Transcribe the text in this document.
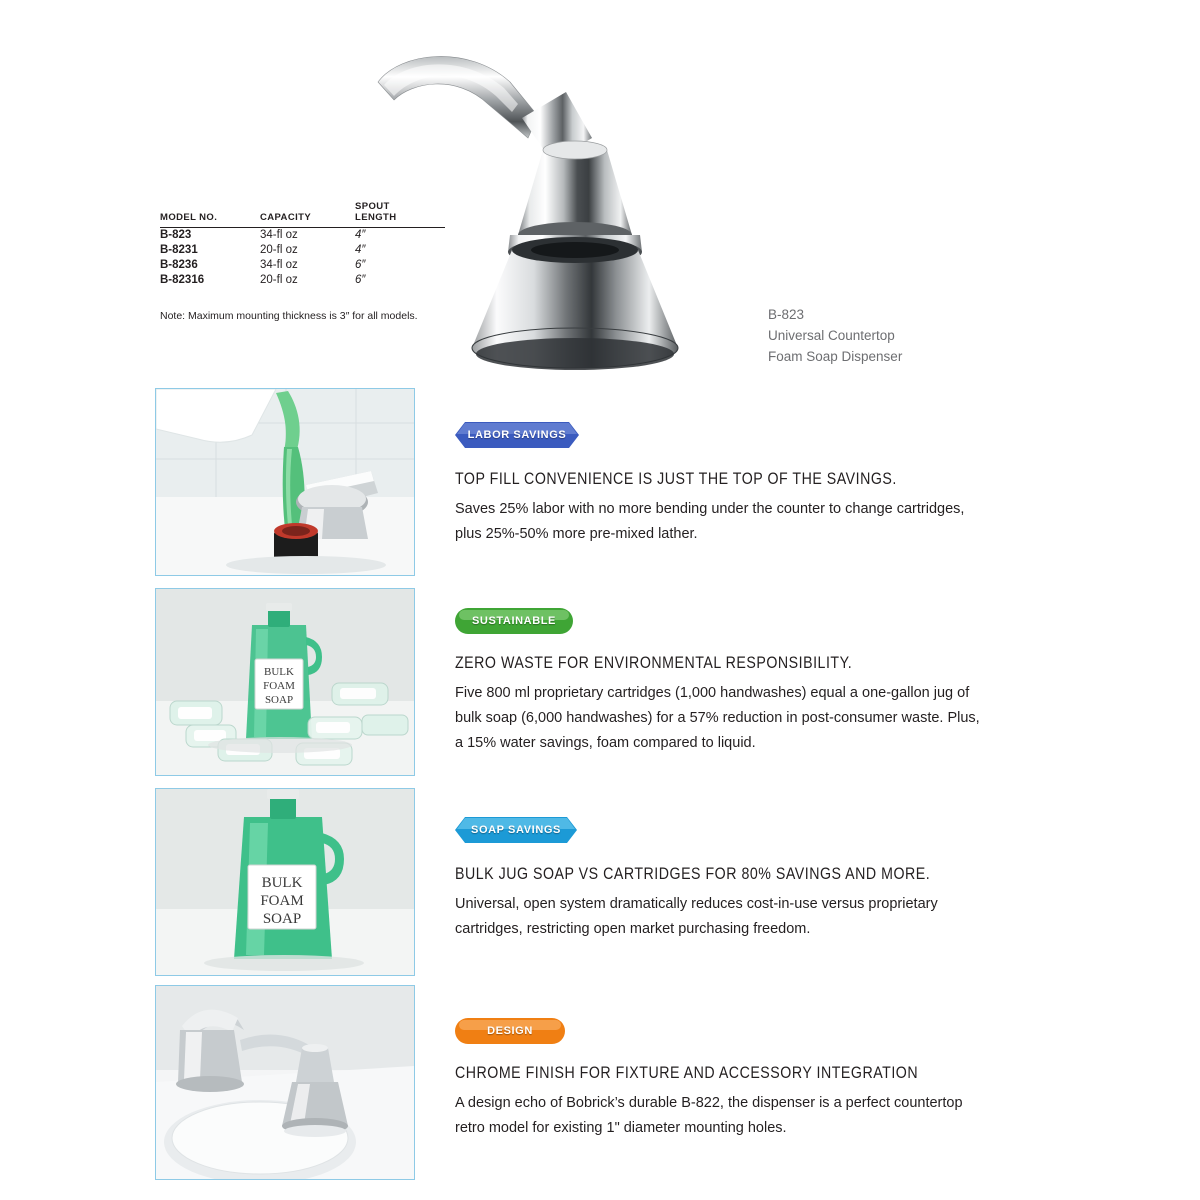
MODEL NO.	CAPACITY	SPOUT
LENGTH
B-823	34-fl oz	4″
B-8231	20-fl oz	4″
B-8236	34-fl oz	6″
B-82316	20-fl oz	6″
Note: Maximum mounting thickness is 3″ for all models.	B-823
Universal Countertop
Foam Soap Dispenser
LABOR SAVINGS
TOP FILL CONVENIENCE IS JUST THE TOP OF THE SAVINGS.
Saves 25% labor with no more bending under the counter to change cartridges, plus 25%-50% more pre-mixed lather.
BULK
FOAM
SOAP
SUSTAINABLE
ZERO WASTE FOR ENVIRONMENTAL RESPONSIBILITY.
Five 800 ml proprietary cartridges (1,000 handwashes) equal a one-gallon jug of bulk soap (6,000 handwashes) for a 57% reduction in post-consumer waste. Plus, a 15% water savings, foam compared to liquid.
BULK
FOAM
SOAP
SOAP SAVINGS
BULK JUG SOAP VS CARTRIDGES FOR 80% SAVINGS AND MORE.
Universal, open system dramatically reduces cost-in-use versus proprietary cartridges, restricting open market purchasing freedom.
DESIGN
CHROME FINISH FOR FIXTURE AND ACCESSORY INTEGRATION
A design echo of Bobrick’s durable B-822, the dispenser is a perfect countertop retro model for existing 1" diameter mounting holes.
